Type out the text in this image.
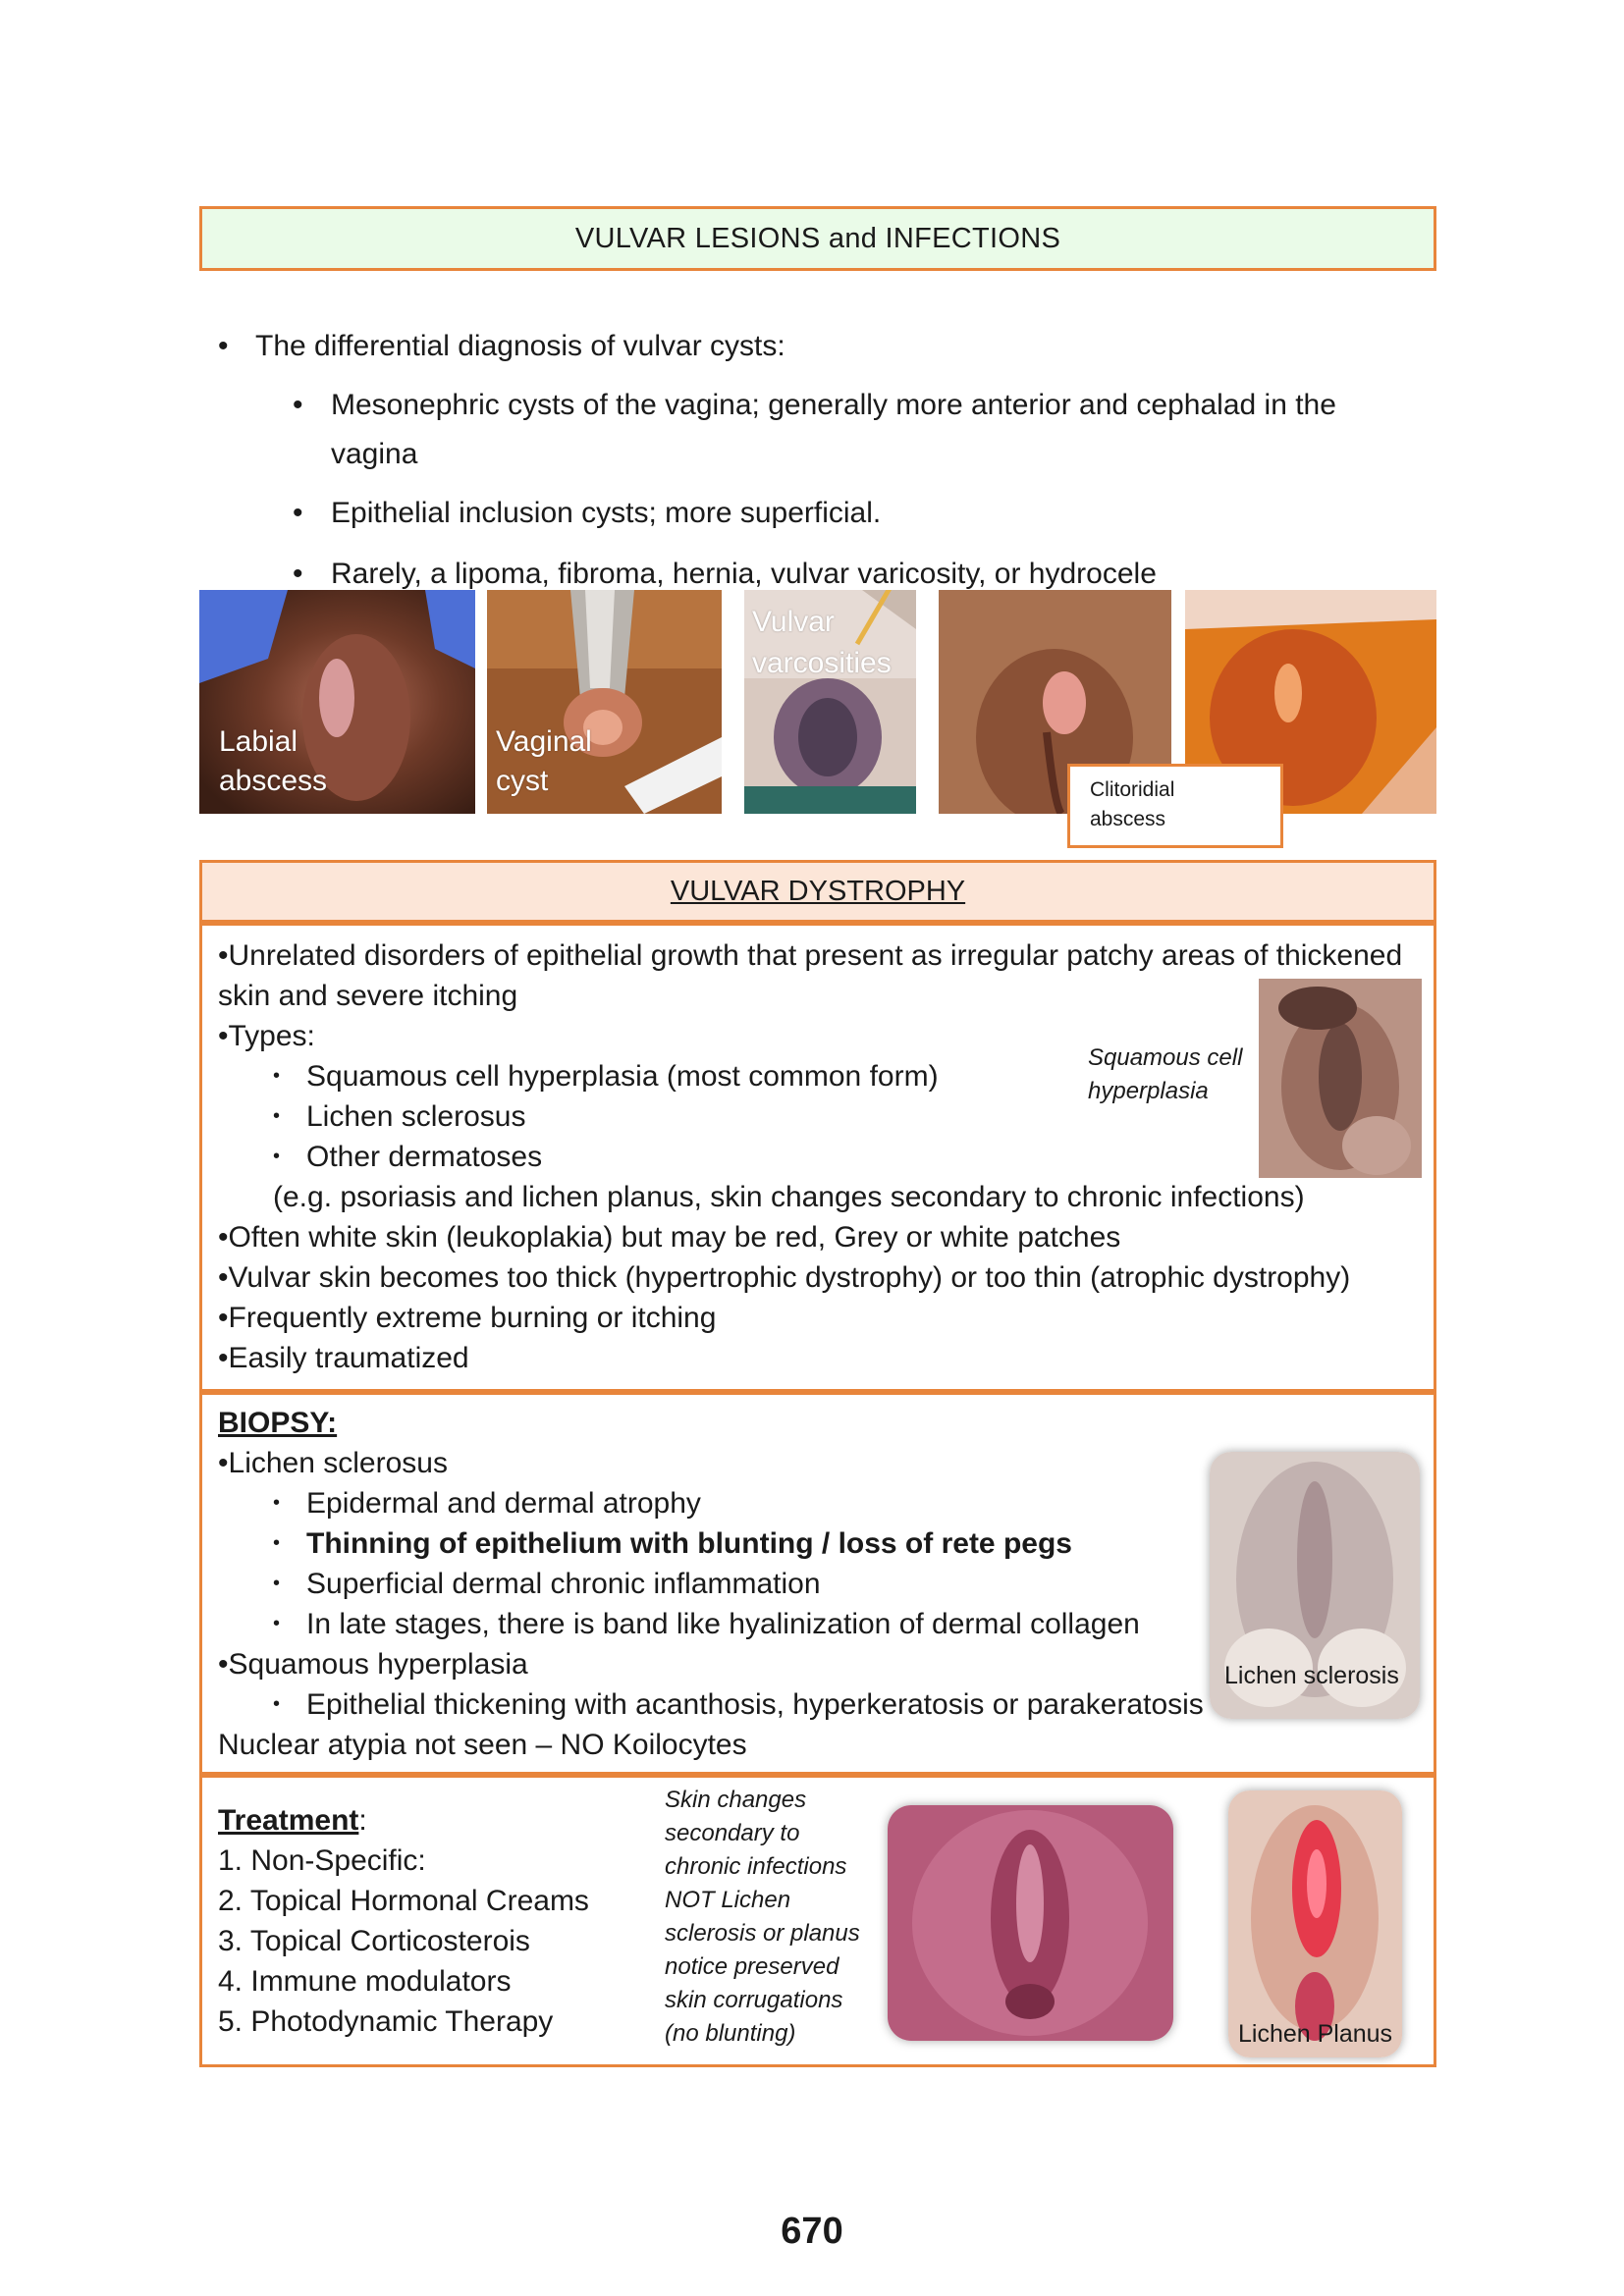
VULVAR LESIONS and INFECTIONS
• The differential diagnosis of vulvar cysts:
• Mesonephric cysts of the vagina; generally more anterior and cephalad in the
vagina
• Epithelial inclusion cysts; more superficial.
• Rarely, a lipoma, fibroma, hernia, vulvar varicosity, or hydrocele
Labial
abscess
Vaginal
cyst
Vulvar
varcosities
Clitoridial
abscess
VULVAR DYSTROPHY
•Unrelated disorders of epithelial growth that present as irregular patchy areas of thickened
skin and severe itching
•Types:
• Squamous cell hyperplasia (most common form)
• Lichen sclerosus
• Other dermatoses
(e.g. psoriasis and lichen planus, skin changes secondary to chronic infections)
•Often white skin (leukoplakia) but may be red, Grey or white patches
•Vulvar skin becomes too thick (hypertrophic dystrophy) or too thin (atrophic dystrophy)
•Frequently extreme burning or itching
•Easily traumatized
Squamous cell
hyperplasia
BIOPSY:
•Lichen sclerosus
• Epidermal and dermal atrophy
• Thinning of epithelium with blunting / loss of rete pegs
• Superficial dermal chronic inflammation
• In late stages, there is band like hyalinization of dermal collagen
•Squamous hyperplasia
• Epithelial thickening with acanthosis, hyperkeratosis or parakeratosis
Nuclear atypia not seen – NO Koilocytes
Lichen sclerosis
Treatment:
1. Non-Specific:
2. Topical Hormonal Creams
3. Topical Corticosterois
4. Immune modulators
5. Photodynamic Therapy
Skin changes
secondary to
chronic infections
NOT Lichen
sclerosis or planus
notice preserved
skin corrugations
(no blunting)	Lichen Planus
670
